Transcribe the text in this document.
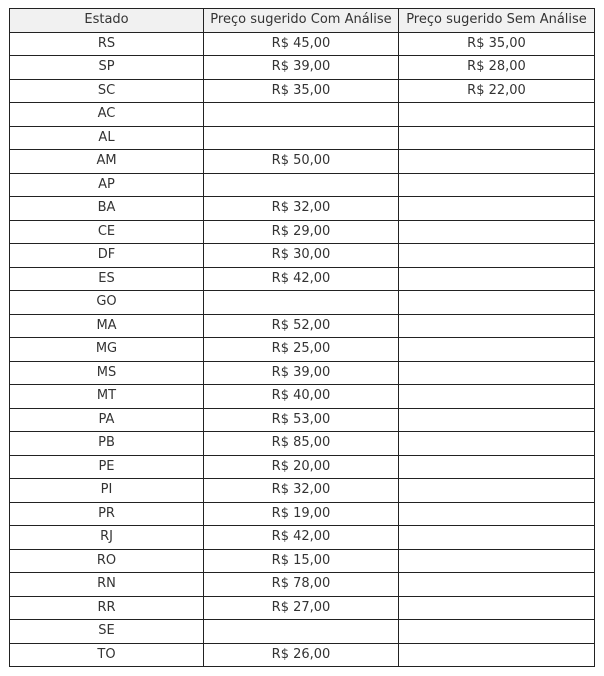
Estado	Preço sugerido Com Análise	Preço sugerido Sem Análise
RS	R$ 45,00	R$ 35,00
SP	R$ 39,00	R$ 28,00
SC	R$ 35,00	R$ 22,00
AC		
AL		
AM	R$ 50,00	
AP		
BA	R$ 32,00	
CE	R$ 29,00	
DF	R$ 30,00	
ES	R$ 42,00	
GO		
MA	R$ 52,00	
MG	R$ 25,00	
MS	R$ 39,00	
MT	R$ 40,00	
PA	R$ 53,00	
PB	R$ 85,00	
PE	R$ 20,00	
PI	R$ 32,00	
PR	R$ 19,00	
RJ	R$ 42,00	
RO	R$ 15,00	
RN	R$ 78,00	
RR	R$ 27,00	
SE		
TO	R$ 26,00	
